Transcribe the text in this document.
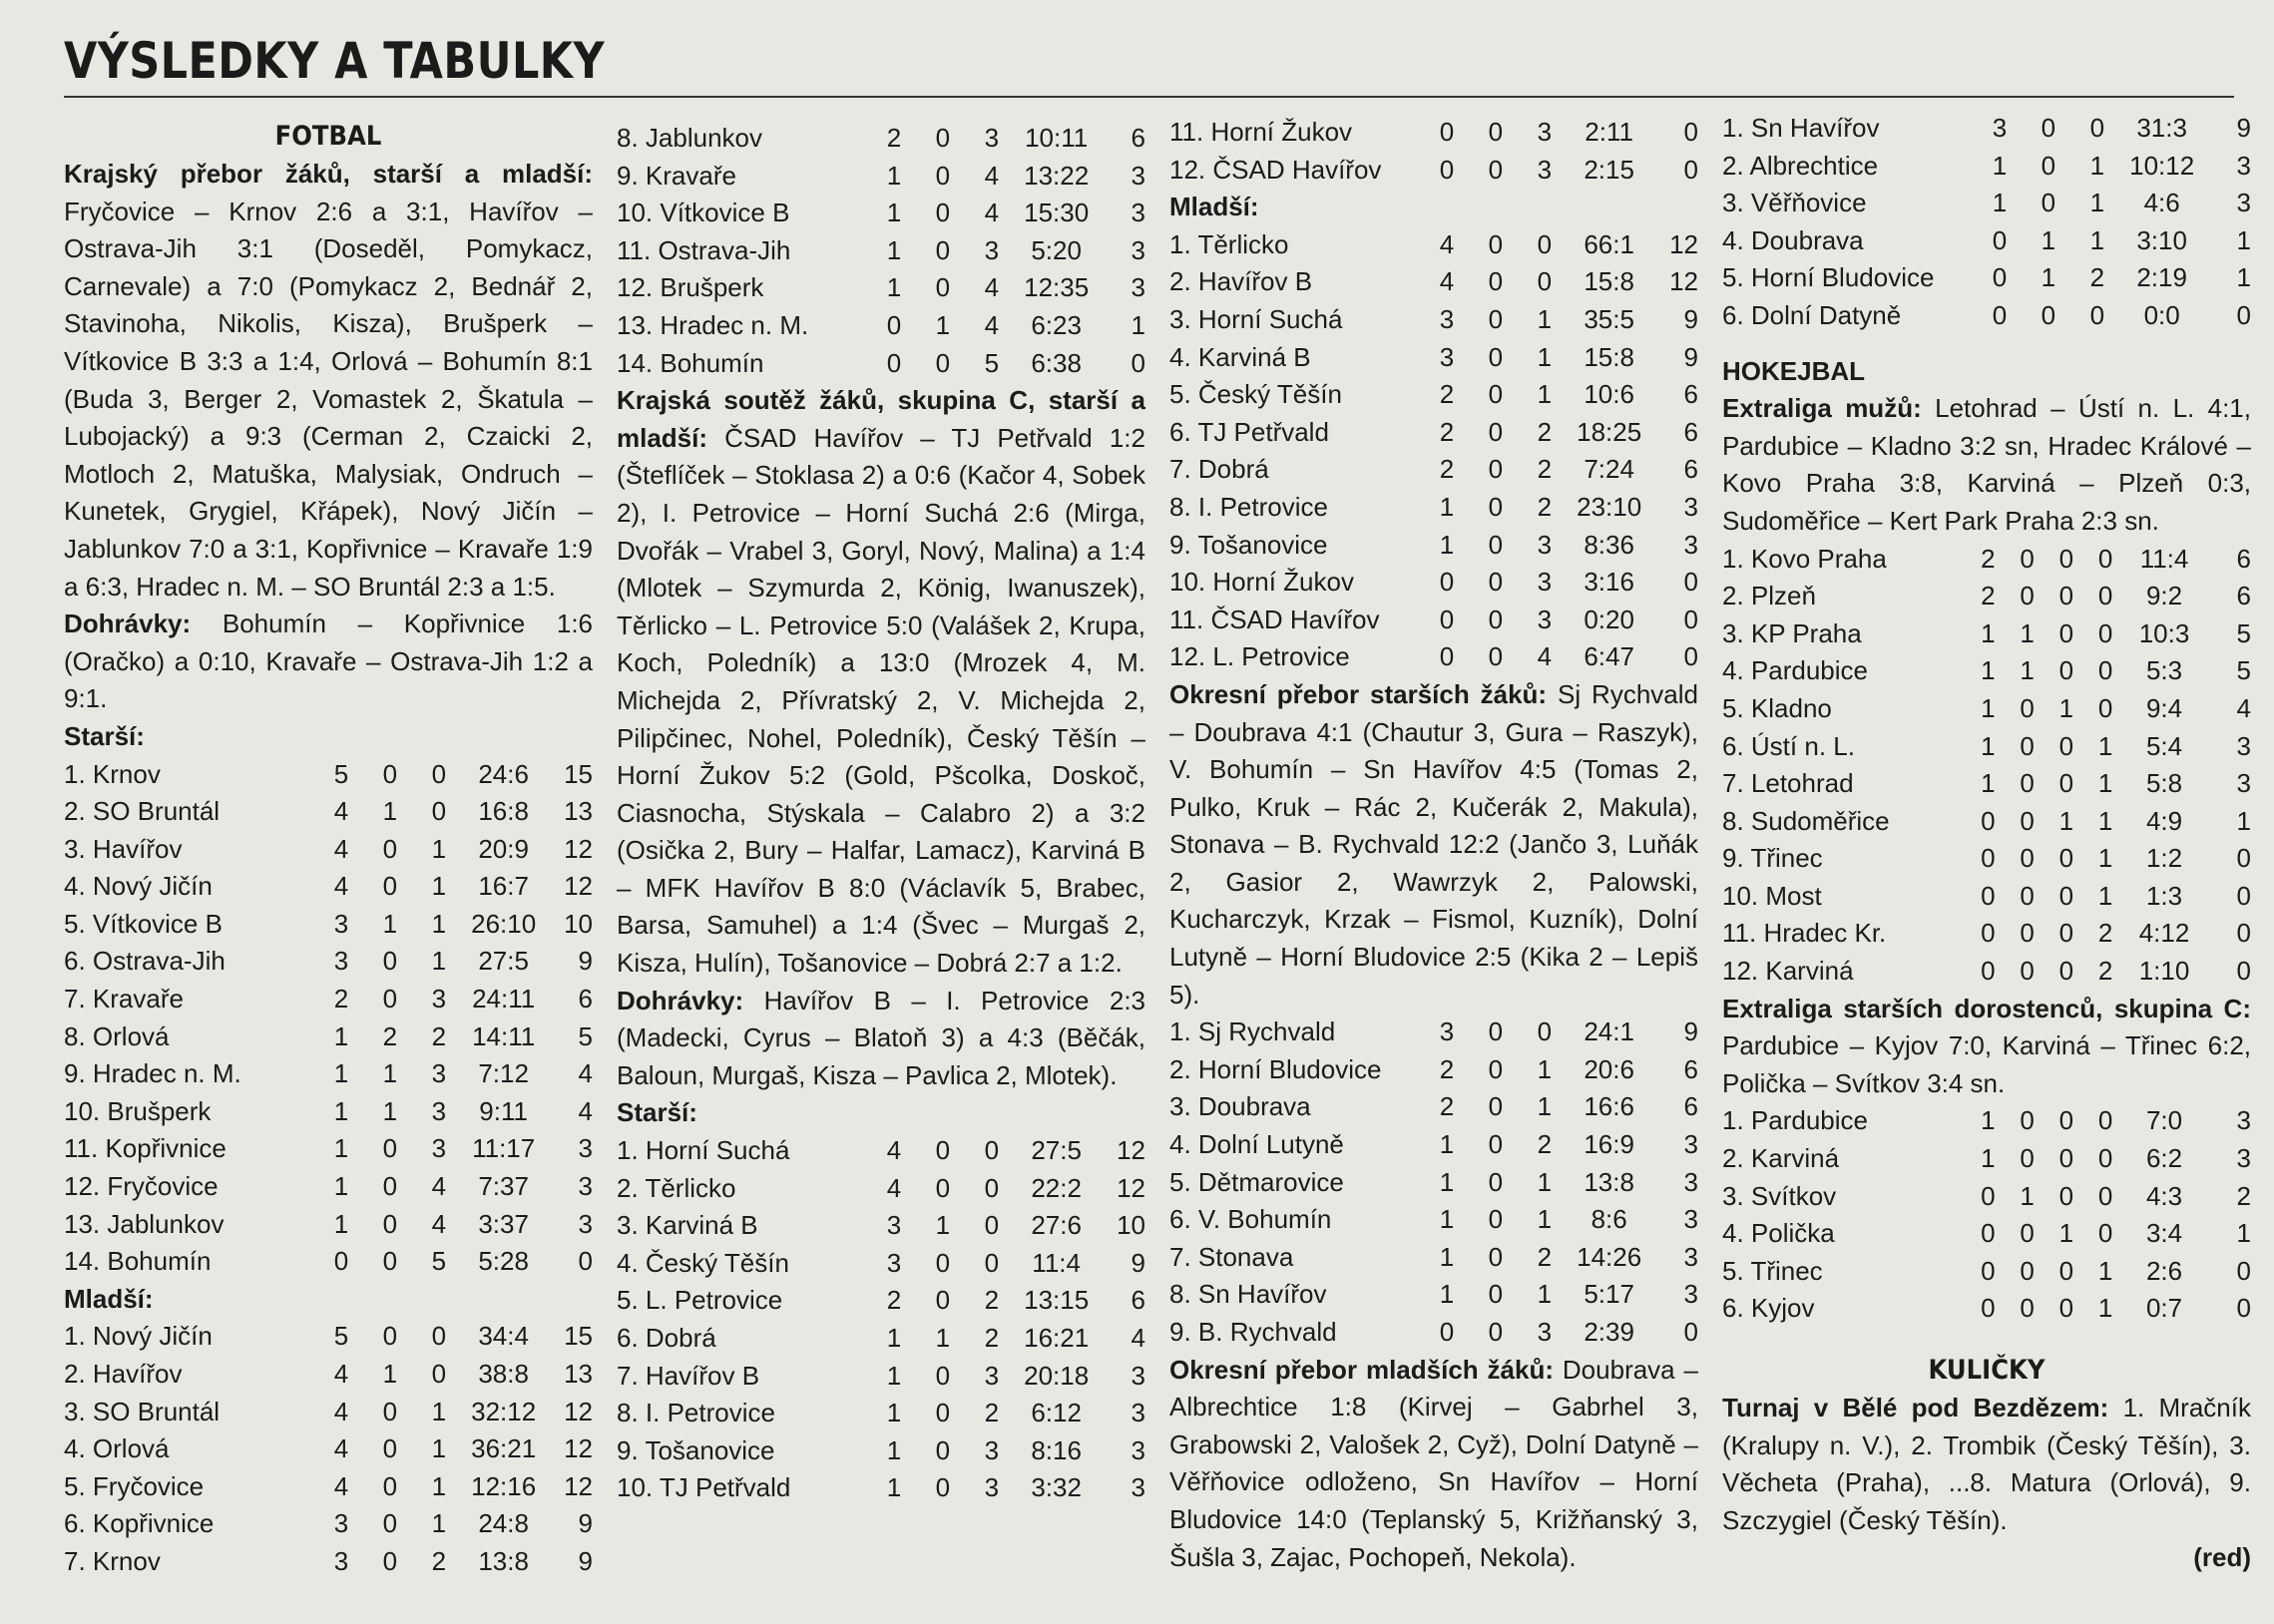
VÝSLEDKY A TABULKY
FOTBAL
Krajský přebor žáků, starší a mladší: Fryčovice – Krnov 2:6 a 3:1, Havířov – Ostrava-Jih 3:1 (Doseděl, Pomykacz, Carnevale) a 7:0 (Pomykacz 2, Bednář 2, Stavinoha, Nikolis, Kisza), Brušperk – Vítkovice B 3:3 a 1:4, Orlová – Bohumín 8:1 (Buda 3, Berger 2, Vomastek 2, Škatula – Lubojacký) a 9:3 (Cerman 2, Czaicki 2, Motloch 2, Matuška, Malysiak, Ondruch – Kunetek, Grygiel, Křápek), Nový Jičín – Jablunkov 7:0 a 3:1, Kopřivnice – Kravaře 1:9 a 6:3, Hradec n. M. – SO Bruntál 2:3 a 1:5.
Dohrávky: Bohumín – Kopřivnice 1:6 (Oračko) a 0:10, Kravaře – Ostrava-Jih 1:2 a 9:1.
Starší:
1. Krnov	5	0	0	24:6	15
2. SO Bruntál	4	1	0	16:8	13
3. Havířov	4	0	1	20:9	12
4. Nový Jičín	4	0	1	16:7	12
5. Vítkovice B	3	1	1	26:10	10
6. Ostrava-Jih	3	0	1	27:5	9
7. Kravaře	2	0	3	24:11	6
8. Orlová	1	2	2	14:11	5
9. Hradec n. M.	1	1	3	7:12	4
10. Brušperk	1	1	3	9:11	4
11. Kopřivnice	1	0	3	11:17	3
12. Fryčovice	1	0	4	7:37	3
13. Jablunkov	1	0	4	3:37	3
14. Bohumín	0	0	5	5:28	0
Mladší:
1. Nový Jičín	5	0	0	34:4	15
2. Havířov	4	1	0	38:8	13
3. SO Bruntál	4	0	1	32:12	12
4. Orlová	4	0	1	36:21	12
5. Fryčovice	4	0	1	12:16	12
6. Kopřivnice	3	0	1	24:8	9
7. Krnov	3	0	2	13:8	9
8. Jablunkov	2	0	3	10:11	6
9. Kravaře	1	0	4	13:22	3
10. Vítkovice B	1	0	4	15:30	3
11. Ostrava-Jih	1	0	3	5:20	3
12. Brušperk	1	0	4	12:35	3
13. Hradec n. M.	0	1	4	6:23	1
14. Bohumín	0	0	5	6:38	0
Krajská soutěž žáků, skupina C, starší a mladší: ČSAD Havířov – TJ Petřvald 1:2 (Šteflíček – Stoklasa 2) a 0:6 (Kačor 4, Sobek 2), I. Petrovice – Horní Suchá 2:6 (Mirga, Dvořák – Vrabel 3, Goryl, Nový, Malina) a 1:4 (Mlotek – Szymurda 2, König, Iwanuszek), Těrlicko – L. Petrovice 5:0 (Valášek 2, Krupa, Koch, Poledník) a 13:0 (Mrozek 4, M. Michejda 2, Přívratský 2, V. Michejda 2, Pilipčinec, Nohel, Poledník), Český Těšín – Horní Žukov 5:2 (Gold, Pšcolka, Doskoč, Ciasnocha, Stýskala – Calabro 2) a 3:2 (Osička 2, Bury – Halfar, Lamacz), Karviná B – MFK Havířov B 8:0 (Václavík 5, Brabec, Barsa, Samuhel) a 1:4 (Švec – Murgaš 2, Kisza, Hulín), Tošanovice – Dobrá 2:7 a 1:2.
Dohrávky: Havířov B – I. Petrovice 2:3 (Madecki, Cyrus – Blatoň 3) a 4:3 (Běčák, Baloun, Murgaš, Kisza – Pavlica 2, Mlotek).
Starší:
1. Horní Suchá	4	0	0	27:5	12
2. Těrlicko	4	0	0	22:2	12
3. Karviná B	3	1	0	27:6	10
4. Český Těšín	3	0	0	11:4	9
5. L. Petrovice	2	0	2	13:15	6
6. Dobrá	1	1	2	16:21	4
7. Havířov B	1	0	3	20:18	3
8. I. Petrovice	1	0	2	6:12	3
9. Tošanovice	1	0	3	8:16	3
10. TJ Petřvald	1	0	3	3:32	3
11. Horní Žukov	0	0	3	2:11	0
12. ČSAD Havířov	0	0	3	2:15	0
Mladší:
1. Těrlicko	4	0	0	66:1	12
2. Havířov B	4	0	0	15:8	12
3. Horní Suchá	3	0	1	35:5	9
4. Karviná B	3	0	1	15:8	9
5. Český Těšín	2	0	1	10:6	6
6. TJ Petřvald	2	0	2	18:25	6
7. Dobrá	2	0	2	7:24	6
8. I. Petrovice	1	0	2	23:10	3
9. Tošanovice	1	0	3	8:36	3
10. Horní Žukov	0	0	3	3:16	0
11. ČSAD Havířov	0	0	3	0:20	0
12. L. Petrovice	0	0	4	6:47	0
Okresní přebor starších žáků: Sj Rychvald – Doubrava 4:1 (Chautur 3, Gura – Raszyk), V. Bohumín – Sn Havířov 4:5 (Tomas 2, Pulko, Kruk – Rác 2, Kučerák 2, Makula), Stonava – B. Rychvald 12:2 (Jančo 3, Luňák 2, Gasior 2, Wawrzyk 2, Palowski, Kucharczyk, Krzak – Fismol, Kuzník), Dolní Lutyně – Horní Bludovice 2:5 (Kika 2 – Lepiš 5).
1. Sj Rychvald	3	0	0	24:1	9
2. Horní Bludovice	2	0	1	20:6	6
3. Doubrava	2	0	1	16:6	6
4. Dolní Lutyně	1	0	2	16:9	3
5. Dětmarovice	1	0	1	13:8	3
6. V. Bohumín	1	0	1	8:6	3
7. Stonava	1	0	2	14:26	3
8. Sn Havířov	1	0	1	5:17	3
9. B. Rychvald	0	0	3	2:39	0
Okresní přebor mladších žáků: Doubrava – Albrechtice 1:8 (Kirvej – Gabrhel 3, Grabowski 2, Valošek 2, Cyž), Dolní Datyně – Věřňovice odloženo, Sn Havířov – Horní Bludovice 14:0 (Teplanský 5, Križňanský 3, Šušla 3, Zajac, Pochopeň, Nekola).
1. Sn Havířov	3	0	0	31:3	9
2. Albrechtice	1	0	1	10:12	3
3. Věřňovice	1	0	1	4:6	3
4. Doubrava	0	1	1	3:10	1
5. Horní Bludovice	0	1	2	2:19	1
6. Dolní Datyně	0	0	0	0:0	0
HOKEJBAL
Extraliga mužů: Letohrad – Ústí n. L. 4:1, Pardubice – Kladno 3:2 sn, Hradec Králové – Kovo Praha 3:8, Karviná – Plzeň 0:3, Sudoměřice – Kert Park Praha 2:3 sn.
1. Kovo Praha	2	0	0	0	11:4	6
2. Plzeň	2	0	0	0	9:2	6
3. KP Praha	1	1	0	0	10:3	5
4. Pardubice	1	1	0	0	5:3	5
5. Kladno	1	0	1	0	9:4	4
6. Ústí n. L.	1	0	0	1	5:4	3
7. Letohrad	1	0	0	1	5:8	3
8. Sudoměřice	0	0	1	1	4:9	1
9. Třinec	0	0	0	1	1:2	0
10. Most	0	0	0	1	1:3	0
11. Hradec Kr.	0	0	0	2	4:12	0
12. Karviná	0	0	0	2	1:10	0
Extraliga starších dorostenců, skupina C: Pardubice – Kyjov 7:0, Karviná – Třinec 6:2, Polička – Svítkov 3:4 sn.
1. Pardubice	1	0	0	0	7:0	3
2. Karviná	1	0	0	0	6:2	3
3. Svítkov	0	1	0	0	4:3	2
4. Polička	0	0	1	0	3:4	1
5. Třinec	0	0	0	1	2:6	0
6. Kyjov	0	0	0	1	0:7	0
KULIČKY
Turnaj v Bělé pod Bezdězem: 1. Mračník (Kralupy n. V.), 2. Trombik (Český Těšín), 3. Věcheta (Praha), ...8. Matura (Orlová), 9. Szczygiel (Český Těšín).
(red)
